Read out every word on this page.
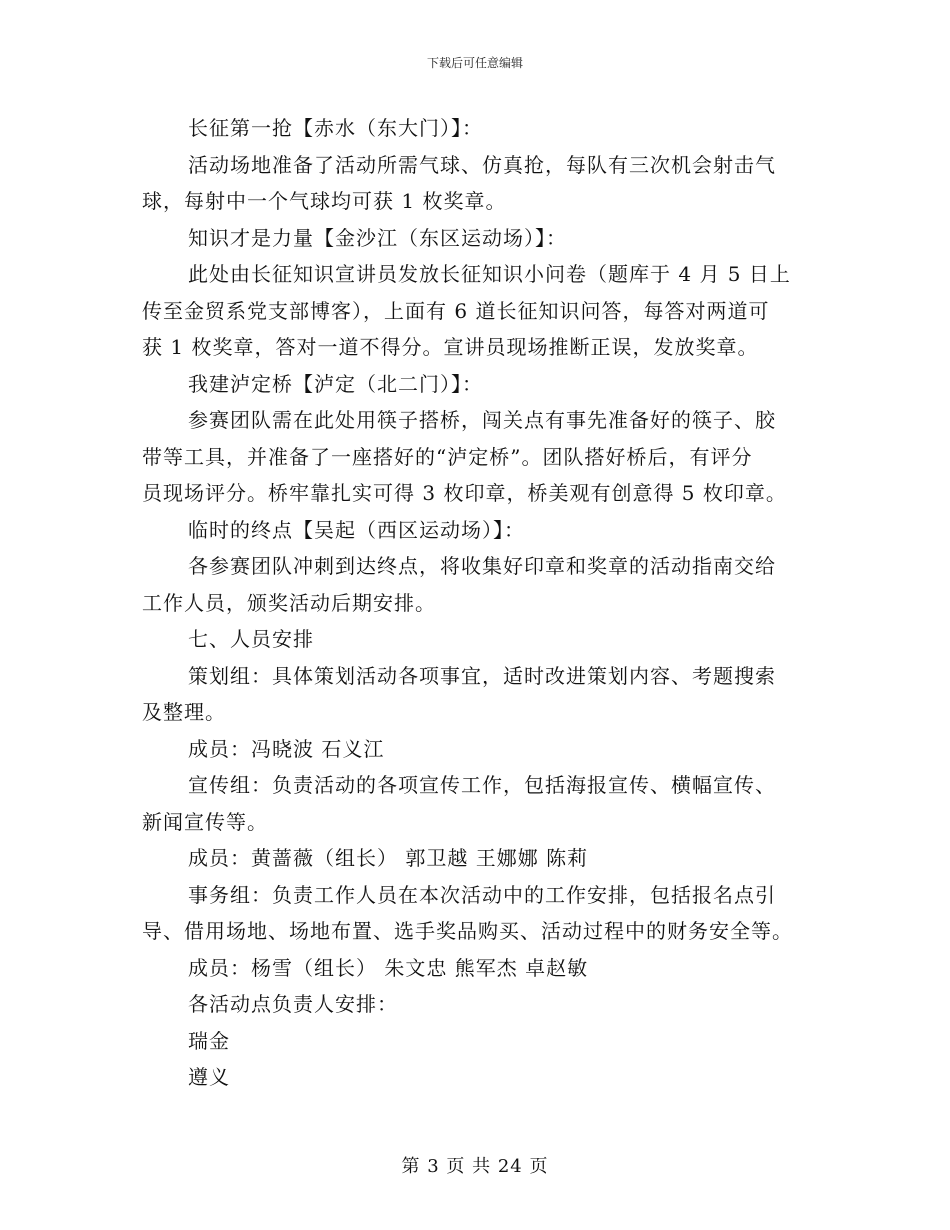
下载后可任意编辑

长征第一抢【赤水（东大门）】：

活动场地准备了活动所需气球、仿真抢，每队有三次机会射击气

球，每射中一个气球均可获 1 枚奖章。

知识才是力量【金沙江（东区运动场）】：

此处由长征知识宣讲员发放长征知识小问卷（题库于 4 月 5 日上

传至金贸系党支部博客），上面有 6 道长征知识问答，每答对两道可

获 1 枚奖章，答对一道不得分。宣讲员现场推断正误，发放奖章。

我建泸定桥【泸定（北二门）】：

参赛团队需在此处用筷子搭桥，闯关点有事先准备好的筷子、胶

带等工具，并准备了一座搭好的“泸定桥”。团队搭好桥后，有评分

员现场评分。桥牢靠扎实可得 3 枚印章，桥美观有创意得 5 枚印章。

临时的终点【吴起（西区运动场）】：

各参赛团队冲刺到达终点，将收集好印章和奖章的活动指南交给

工作人员，颁奖活动后期安排。

七、人员安排

策划组：具体策划活动各项事宜，适时改进策划内容、考题搜索

及整理。

成员：冯晓波 石义江

宣传组：负责活动的各项宣传工作，包括海报宣传、横幅宣传、

新闻宣传等。

成员：黄蔷薇（组长） 郭卫越 王娜娜 陈莉

事务组：负责工作人员在本次活动中的工作安排，包括报名点引

导、借用场地、场地布置、选手奖品购买、活动过程中的财务安全等。

成员：杨雪（组长） 朱文忠 熊军杰 卓赵敏

各活动点负责人安排：

瑞金

遵义

第 3 页 共 24 页
